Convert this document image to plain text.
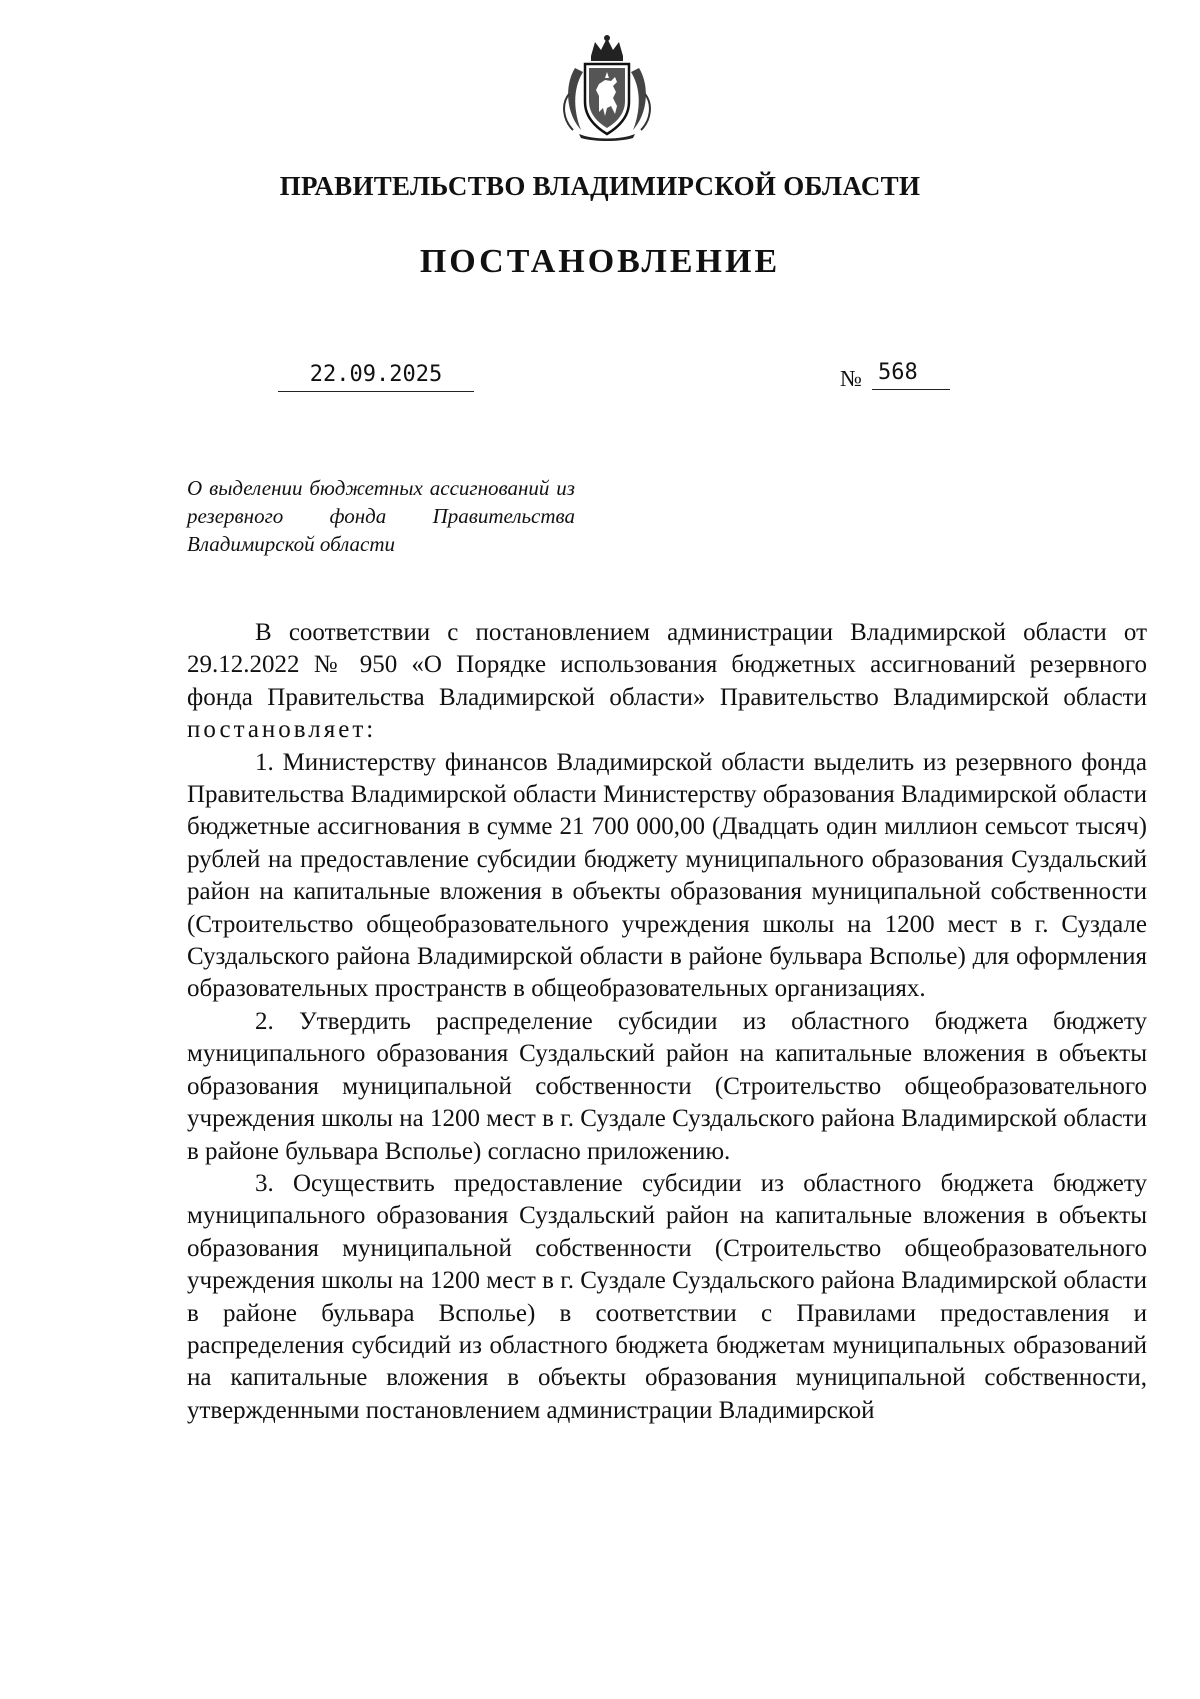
ПРАВИТЕЛЬСТВО ВЛАДИМИРСКОЙ ОБЛАСТИ
ПОСТАНОВЛЕНИЕ
22.09.2025	№ 568
О выделении бюджетных ассигнований из резервного фонда Правительства Владимирской области

В соответствии с постановлением администрации Владимирской области от 29.12.2022 № 950 «О Порядке использования бюджетных ассигнований резервного фонда Правительства Владимирской области» Правительство Владимирской области постановляет:

1. Министерству финансов Владимирской области выделить из резервного фонда Правительства Владимирской области Министерству образования Владимирской области бюджетные ассигнования в сумме 21 700 000,00 (Двадцать один миллион семьсот тысяч) рублей на предоставление субсидии бюджету муниципального образования Суздальский район на капитальные вложения в объекты образования муниципальной собственности (Строительство общеобразовательного учреждения школы на 1200 мест в г. Суздале Суздальского района Владимирской области в районе бульвара Всполье) для оформления образовательных пространств в общеобразовательных организациях.

2. Утвердить распределение субсидии из областного бюджета бюджету муниципального образования Суздальский район на капитальные вложения в объекты образования муниципальной собственности (Строительство общеобразовательного учреждения школы на 1200 мест в г. Суздале Суздальского района Владимирской области в районе бульвара Всполье) согласно приложению.

3. Осуществить предоставление субсидии из областного бюджета бюджету муниципального образования Суздальский район на капитальные вложения в объекты образования муниципальной собственности (Строительство общеобразовательного учреждения школы на 1200 мест в г. Суздале Суздальского района Владимирской области в районе бульвара Всполье) в соответствии с Правилами предоставления и распределения субсидий из областного бюджета бюджетам муниципальных образований на капитальные вложения в объекты образования муниципальной собственности, утвержденными постановлением администрации Владимирской
